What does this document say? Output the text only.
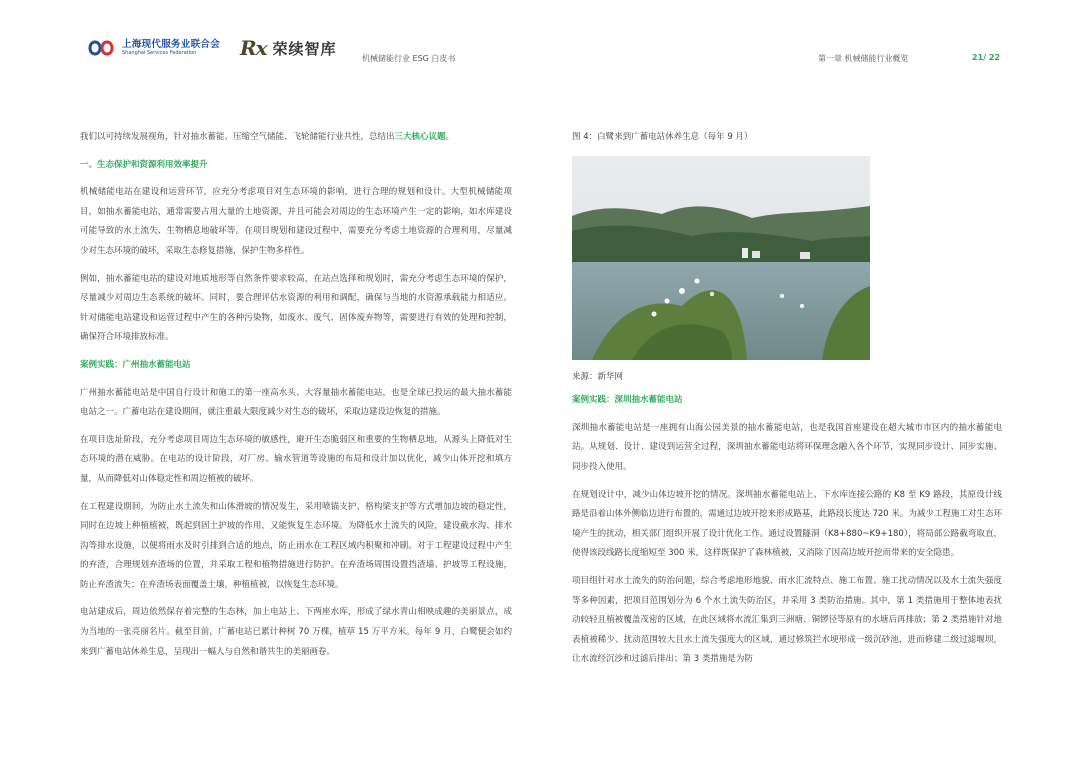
上海现代服务业联合会
Shanghai Services Federation	Rx 荣续智库
机械储能行业 ESG 白皮书	第一章 机械储能行业概览	21/ 22

我们以可持续发展视角，针对抽水蓄能、压缩空气储能、飞轮储能行业共性，总结出三大核心议题。

一、生态保护和资源利用效率提升

机械储能电站在建设和运营环节，应充分考虑项目对生态环境的影响，进行合理的规划和设计。大型机械储能项目，如抽水蓄能电站，通常需要占用大量的土地资源，并且可能会对周边的生态环境产生一定的影响，如水库建设可能导致的水土流失、生物栖息地破坏等。在项目规划和建设过程中，需要充分考虑土地资源的合理利用，尽量减少对生态环境的破坏，采取生态修复措施，保护生物多样性。

例如，抽水蓄能电站的建设对地质地形等自然条件要求较高，在站点选择和规划时，需充分考虑生态环境的保护，尽量减少对周边生态系统的破坏。同时，要合理评估水资源的利用和调配，确保与当地的水资源承载能力相适应。针对储能电站建设和运营过程中产生的各种污染物，如废水、废气、固体废弃物等，需要进行有效的处理和控制，确保符合环境排放标准。

案例实践：广州抽水蓄能电站

广州抽水蓄能电站是中国自行设计和施工的第一座高水头、大容量抽水蓄能电站，也是全球已投运的最大抽水蓄能电站之一。广蓄电站在建设期间，就注重最大限度减少对生态的破坏，采取边建设边恢复的措施。

在项目选址阶段，充分考虑项目周边生态环境的敏感性，避开生态脆弱区和重要的生物栖息地，从源头上降低对生态环境的潜在威胁。在电站的设计阶段，对厂房、输水管道等设施的布局和设计加以优化，减少山体开挖和填方量，从而降低对山体稳定性和周边植被的破坏。

在工程建设期间，为防止水土流失和山体滑坡的情况发生，采用喷锚支护、格构梁支护等方式增加边坡的稳定性，同时在边坡上种植植被，既起到固土护坡的作用，又能恢复生态环境。为降低水土流失的风险，建设截水沟、排水沟等排水设施，以便将雨水及时引排到合适的地点，防止雨水在工程区域内积聚和冲刷。对于工程建设过程中产生的弃渣，合理规划弃渣场的位置，并采取工程和植物措施进行防护。在弃渣场周围设置挡渣墙、护坡等工程设施，防止弃渣流失；在弃渣场表面覆盖土壤，种植植被，以恢复生态环境。

电站建成后，周边依然保存着完整的生态林，加上电站上、下两座水库，形成了绿水青山相映成趣的美丽景点，成为当地的一张亮丽名片。截至目前，广蓄电站已累计种树 70 万棵，植草 15 万平方米。每年 9 月，白鹭便会如约来到广蓄电站休养生息，呈现出一幅人与自然和谐共生的美丽画卷。

图 4：白鹭来到广蓄电站休养生息（每年 9 月）
来源：新华网
案例实践：深圳抽水蓄能电站

深圳抽水蓄能电站是一座拥有山海公园美景的抽水蓄能电站，也是我国首座建设在超大城市市区内的抽水蓄能电站。从规划、设计、建设到运营全过程，深圳抽水蓄能电站将环保理念融入各个环节，实现同步设计、同步实施、同步投入使用。

在规划设计中，减少山体边坡开挖的情况。深圳抽水蓄能电站上、下水库连接公路的 K8 至 K9 路段，其原设计线路是沿着山体外侧临边进行布置的，需通过边坡开挖来形成路基，此路段长度达 720 米。为减少工程施工对生态环境产生的扰动，相关部门组织开展了设计优化工作。通过设置隧洞（K8+880~K9+180），将局部公路截弯取直，使得该段线路长度缩短至 300 米，这样既保护了森林植被，又消除了因高边坡开挖而带来的安全隐患。

项目组针对水土流失的防治问题，综合考虑地形地貌、雨水汇流特点、施工布置、施工扰动情况以及水土流失强度等多种因素，把项目范围划分为 6 个水土流失防治区，并采用 3 类防治措施。其中，第 1 类措施用于整体地表扰动较轻且植被覆盖茂密的区域，在此区域将水流汇集到三洲塘、铜锣径等原有的水塘后再排放；第 2 类措施针对地表植被稀少、扰动范围较大且水土流失强度大的区域，通过修筑拦水埂形成一级沉砂池，进而修建二级过滤堰坝，让水流经沉沙和过滤后排出；第 3 类措施是为防
